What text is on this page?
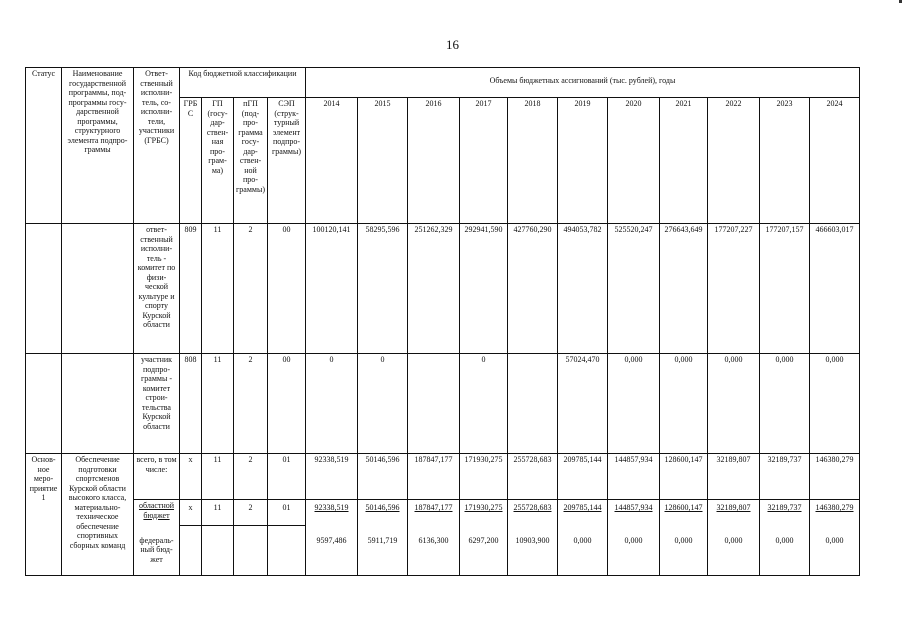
16
Статус	Наименование государственной программы, под-программы госу-дарственной программы, структурного элемента подпро-граммы	Ответ-ственный исполни-тель, со-исполни-тели, участники (ГРБС)	Код бюджетной классификации				Объемы бюджетных ассигнований (тыс. рублей), годы										
			ГРБ С	ГП (госу-дар-ствен-ная про-грам-ма)	пГП (под-про-грамма госу-дар-ствен-ной про-граммы)	СЭП (струк-турный элемент подпро-граммы)	2014	2015	2016	2017	2018	2019	2020	2021	2022	2023	2024
		ответ-ственный исполни-тель - комитет по физи-ческой культуре и спорту Курской области	809	11	2	00	100120,141	58295,596	251262,329	292941,590	427760,290	494053,782	525520,247	276643,649	177207,227	177207,157	466603,017
		участник подпро-граммы - комитет строи-тельства Курской области	808	11	2	00	0	0		0		57024,470	0,000	0,000	0,000	0,000	0,000
Основ-ное меро-приятие 1	Обеспечение подготовки спортсменов Курской области высокого класса, материально-техническое обеспечение спортивных сборных команд	всего, в том числе:	х	11	2	01	92338,519	50146,596	187847,177	171930,275	255728,683	209785,144	144857,934	128600,147	32189,807	32189,737	146380,279
		областной бюджет	х	11	2	01	92338,519	50146,596	187847,177	171930,275	255728,683	209785,144	144857,934	128600,147	32189,807	32189,737	146380,279
		федераль-ный бюд-жет					9597,486	5911,719	6136,300	6297,200	10903,900	0,000	0,000	0,000	0,000	0,000	0,000
